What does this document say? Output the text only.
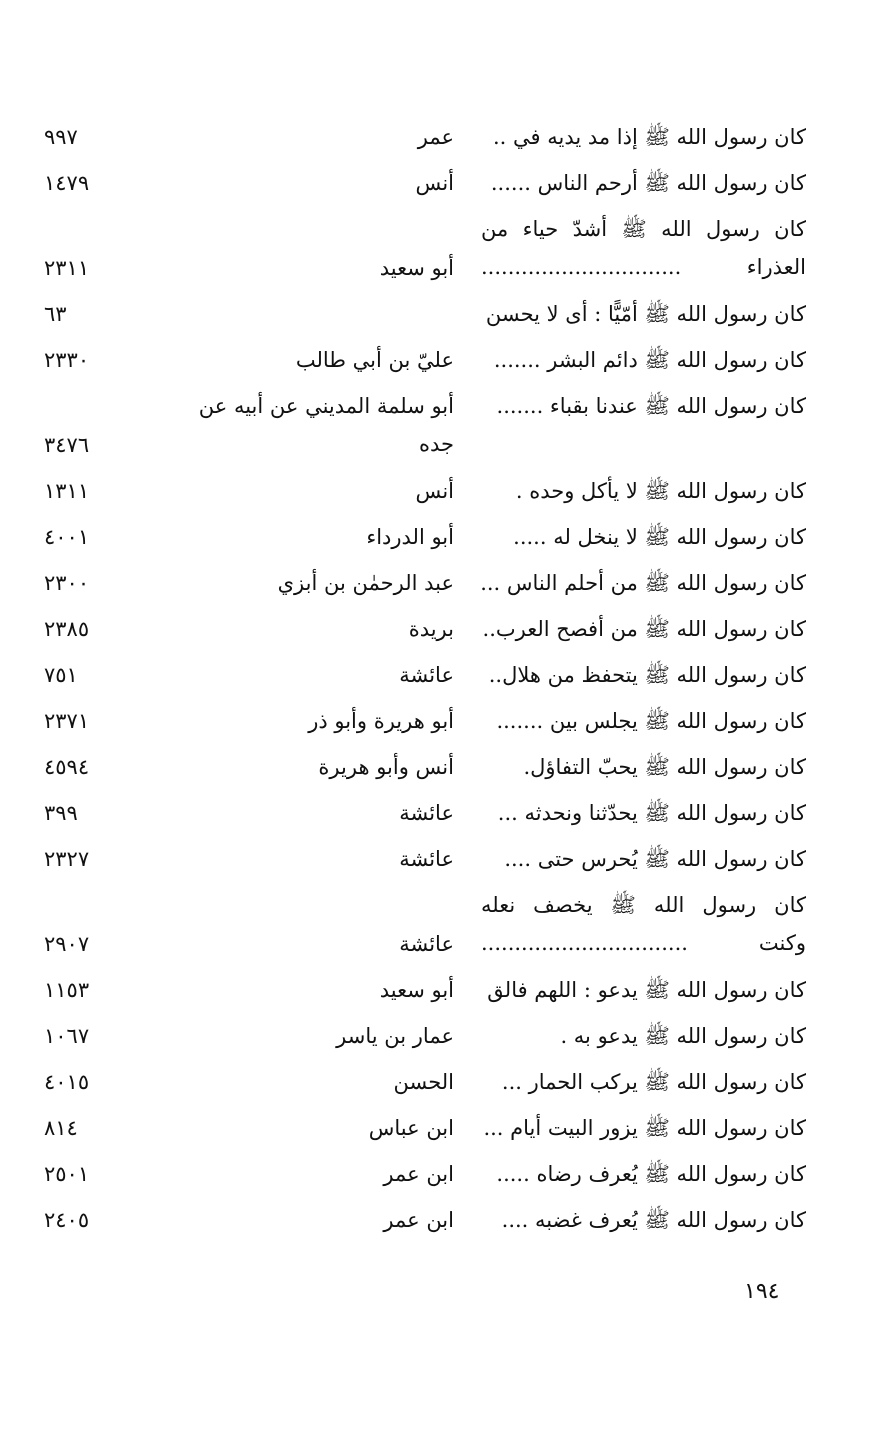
كان رسول الله ﷺ إذا مد يديه في ..
عمر
٩٩٧
كان رسول الله ﷺ أرحم الناس ......
أنس
١٤٧٩
كان رسول الله ﷺ أشدّ حياء من
العذراء ..............................
أبو سعيد
٢٣١١
كان رسول الله ﷺ أمّيًّا : أى لا يحسن
٦٣
كان رسول الله ﷺ دائم البشر .......
عليّ بن أبي طالب
٢٣٣٠
كان رسول الله ﷺ عندنا بقباء .......
أبو سلمة المديني عن أبيه عن
جده
٣٤٧٦
كان رسول الله ﷺ لا يأكل وحده .
أنس
١٣١١
كان رسول الله ﷺ لا ينخل له .....
أبو الدرداء
٤٠٠١
كان رسول الله ﷺ من أحلم الناس ...
عبد الرحمٰن بن أبزي
٢٣٠٠
كان رسول الله ﷺ من أفصح العرب..
بريدة
٢٣٨٥
كان رسول الله ﷺ يتحفظ من هلال..
عائشة
٧٥١
كان رسول الله ﷺ يجلس بين .......
أبو هريرة وأبو ذر
٢٣٧١
كان رسول الله ﷺ يحبّ التفاؤل.
أنس وأبو هريرة
٤٥٩٤
كان رسول الله ﷺ يحدّثنا ونحدثه ...
عائشة
٣٩٩
كان رسول الله ﷺ يُحرس حتى ....
عائشة
٢٣٢٧
كان رسول الله ﷺ يخصف نعله
وكنت ...............................
عائشة
٢٩٠٧
كان رسول الله ﷺ يدعو : اللهم فالق
أبو سعيد
١١٥٣
كان رسول الله ﷺ يدعو به .
عمار بن ياسر
١٠٦٧
كان رسول الله ﷺ يركب الحمار ...
الحسن
٤٠١٥
كان رسول الله ﷺ يزور البيت أيام ...
ابن عباس
٨١٤
كان رسول الله ﷺ يُعرف رضاه .....
ابن عمر
٢٥٠١
كان رسول الله ﷺ يُعرف غضبه ....
ابن عمر
٢٤٠٥
١٩٤
